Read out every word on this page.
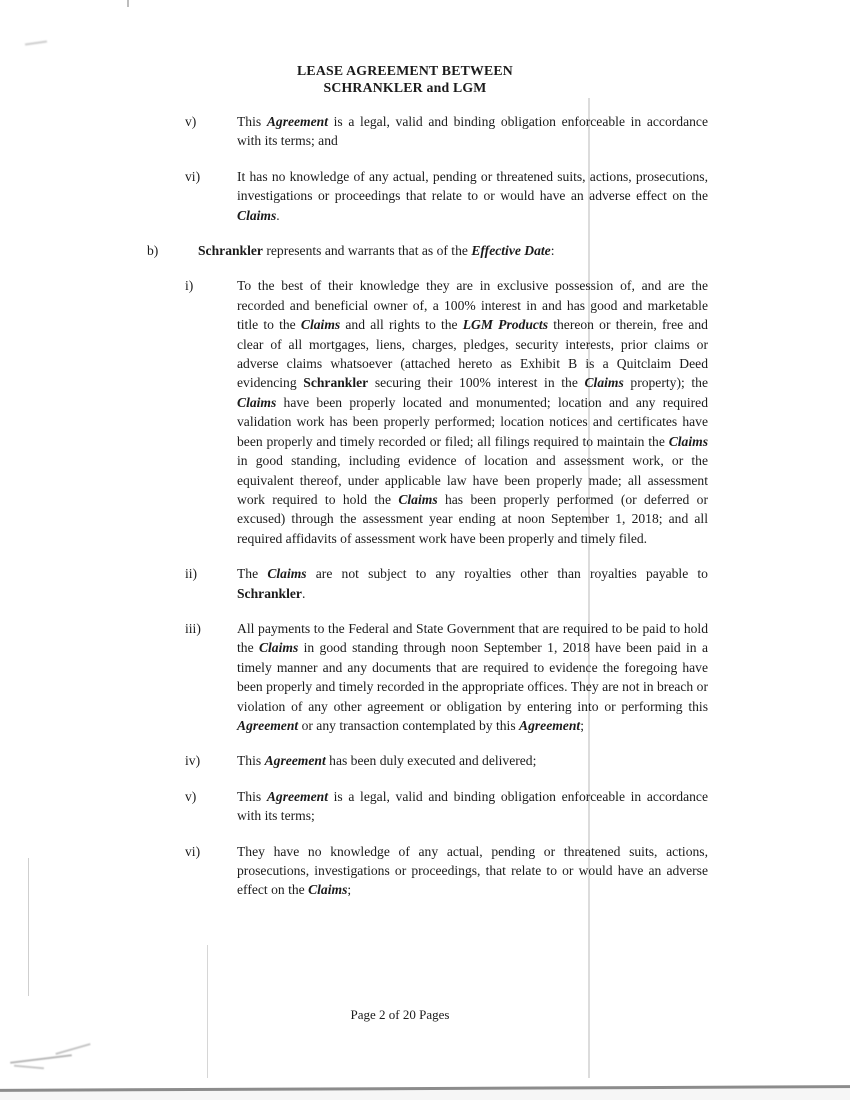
LEASE AGREEMENT BETWEEN
SCHRANKLER and LGM
v)	This Agreement is a legal, valid and binding obligation enforceable in accordance with its terms; and

vi)	It has no knowledge of any actual, pending or threatened suits, actions, prosecutions, investigations or proceedings that relate to or would have an adverse effect on the Claims.

b)	Schrankler represents and warrants that as of the Effective Date:

i)	To the best of their knowledge they are in exclusive possession of, and are the recorded and beneficial owner of, a 100% interest in and has good and marketable title to the Claims and all rights to the LGM Products thereon or therein, free and clear of all mortgages, liens, charges, pledges, security interests, prior claims or adverse claims whatsoever (attached hereto as Exhibit B is a Quitclaim Deed evidencing Schrankler securing their 100% interest in the Claims property); the Claims have been properly located and monumented; location and any required validation work has been properly performed; location notices and certificates have been properly and timely recorded or filed; all filings required to maintain the Claims in good standing, including evidence of location and assessment work, or the equivalent thereof, under applicable law have been properly made; all assessment work required to hold the Claims has been properly performed (or deferred or excused) through the assessment year ending at noon September 1, 2018; and all required affidavits of assessment work have been properly and timely filed.

ii)	The Claims are not subject to any royalties other than royalties payable to Schrankler.

iii)	All payments to the Federal and State Government that are required to be paid to hold the Claims in good standing through noon September 1, 2018 have been paid in a timely manner and any documents that are required to evidence the foregoing have been properly and timely recorded in the appropriate offices. They are not in breach or violation of any other agreement or obligation by entering into or performing this Agreement or any transaction contemplated by this Agreement;

iv)	This Agreement has been duly executed and delivered;

v)	This Agreement is a legal, valid and binding obligation enforceable in accordance with its terms;

vi)	They have no knowledge of any actual, pending or threatened suits, actions, prosecutions, investigations or proceedings, that relate to or would have an adverse effect on the Claims;

Page 2 of 20 Pages
